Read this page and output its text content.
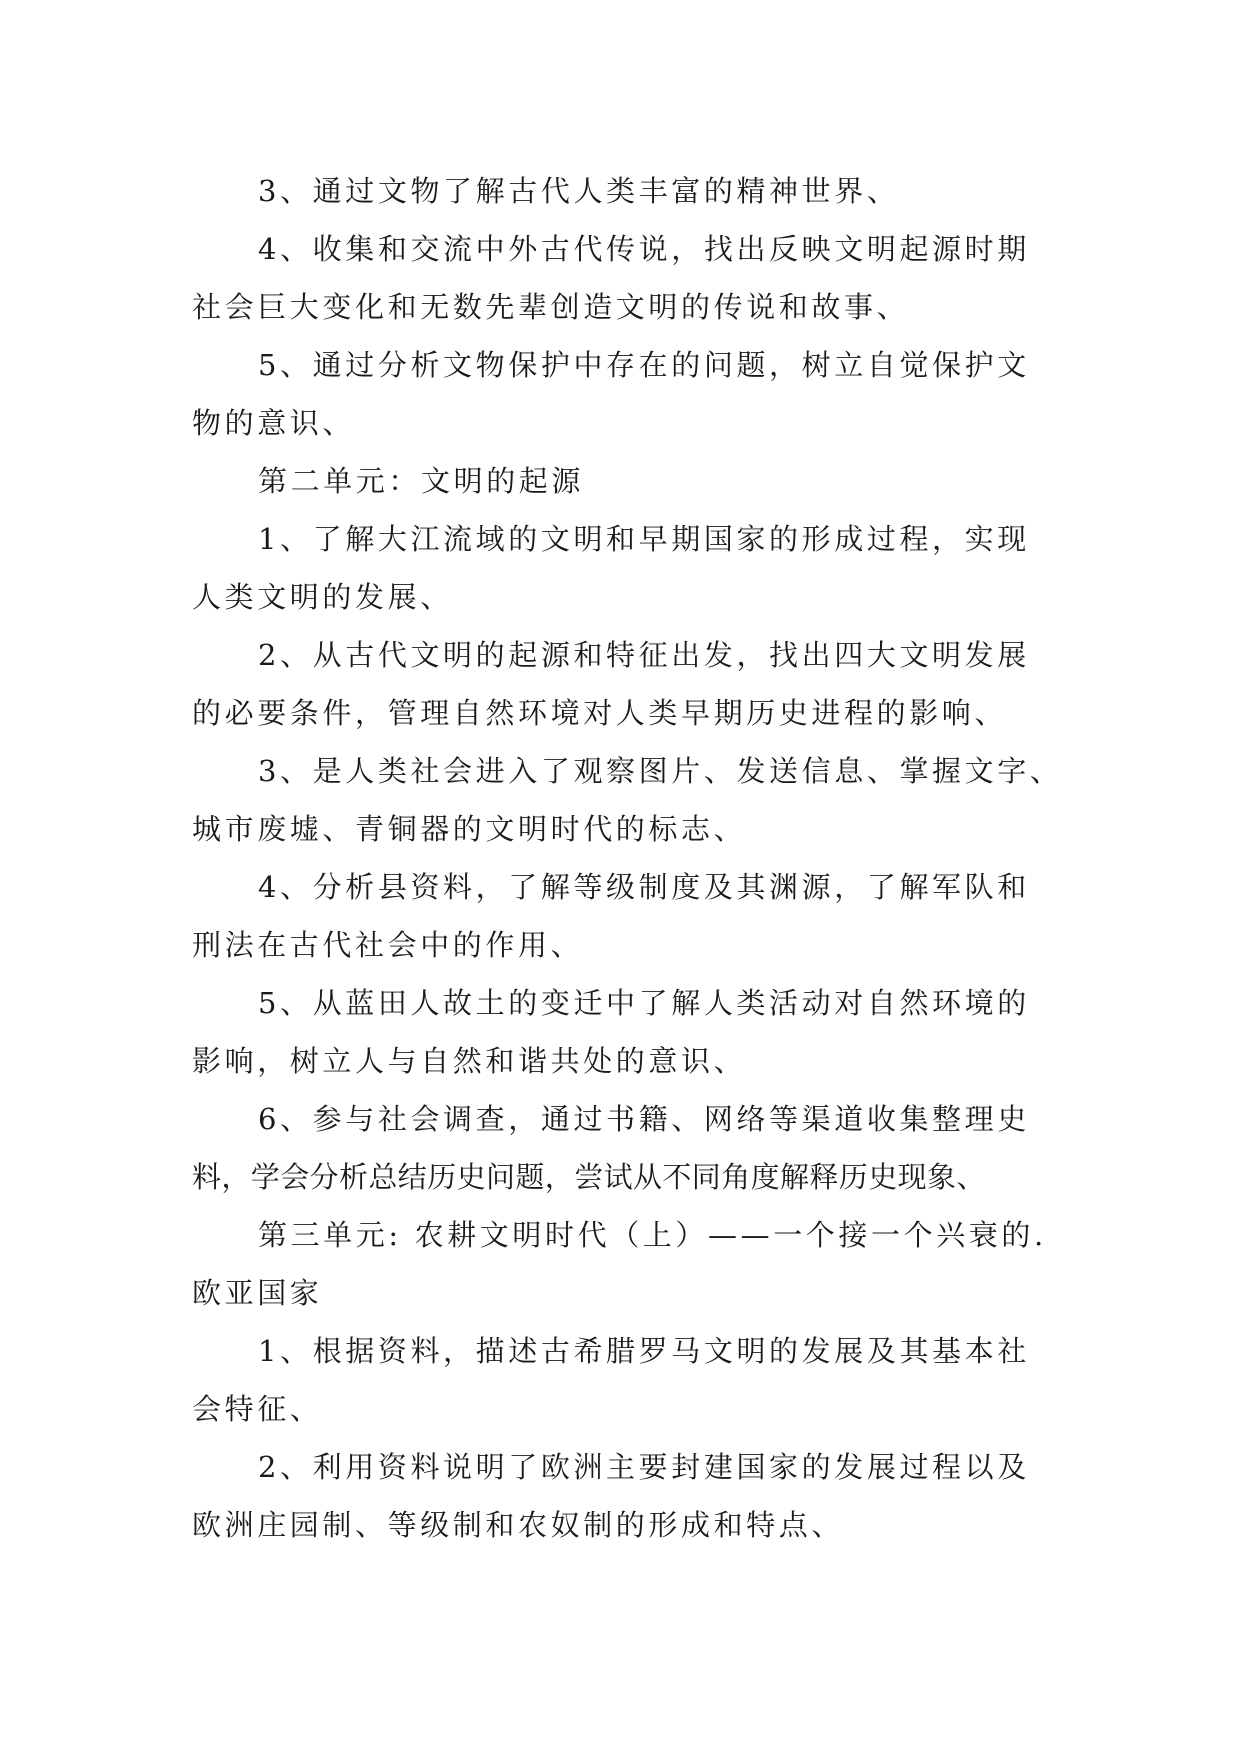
3、通过文物了解古代人类丰富的精神世界、

4、收集和交流中外古代传说，找出反映文明起源时期
社会巨大变化和无数先辈创造文明的传说和故事、

5、通过分析文物保护中存在的问题，树立自觉保护文
物的意识、

第二单元：文明的起源

1、了解大江流域的文明和早期国家的形成过程，实现
人类文明的发展、

2、从古代文明的起源和特征出发，找出四大文明发展
的必要条件，管理自然环境对人类早期历史进程的影响、

3、是人类社会进入了观察图片、发送信息、掌握文字、
城市废墟、青铜器的文明时代的标志、

4、分析县资料，了解等级制度及其渊源，了解军队和
刑法在古代社会中的作用、

5、从蓝田人故土的变迁中了解人类活动对自然环境的
影响，树立人与自然和谐共处的意识、

6、参与社会调查，通过书籍、网络等渠道收集整理史
料，学会分析总结历史问题，尝试从不同角度解释历史现象、

第三单元: 农耕文明时代（上）——一个接一个兴衰的.
欧亚国家

1、根据资料，描述古希腊罗马文明的发展及其基本社
会特征、

2、利用资料说明了欧洲主要封建国家的发展过程以及
欧洲庄园制、等级制和农奴制的形成和特点、
